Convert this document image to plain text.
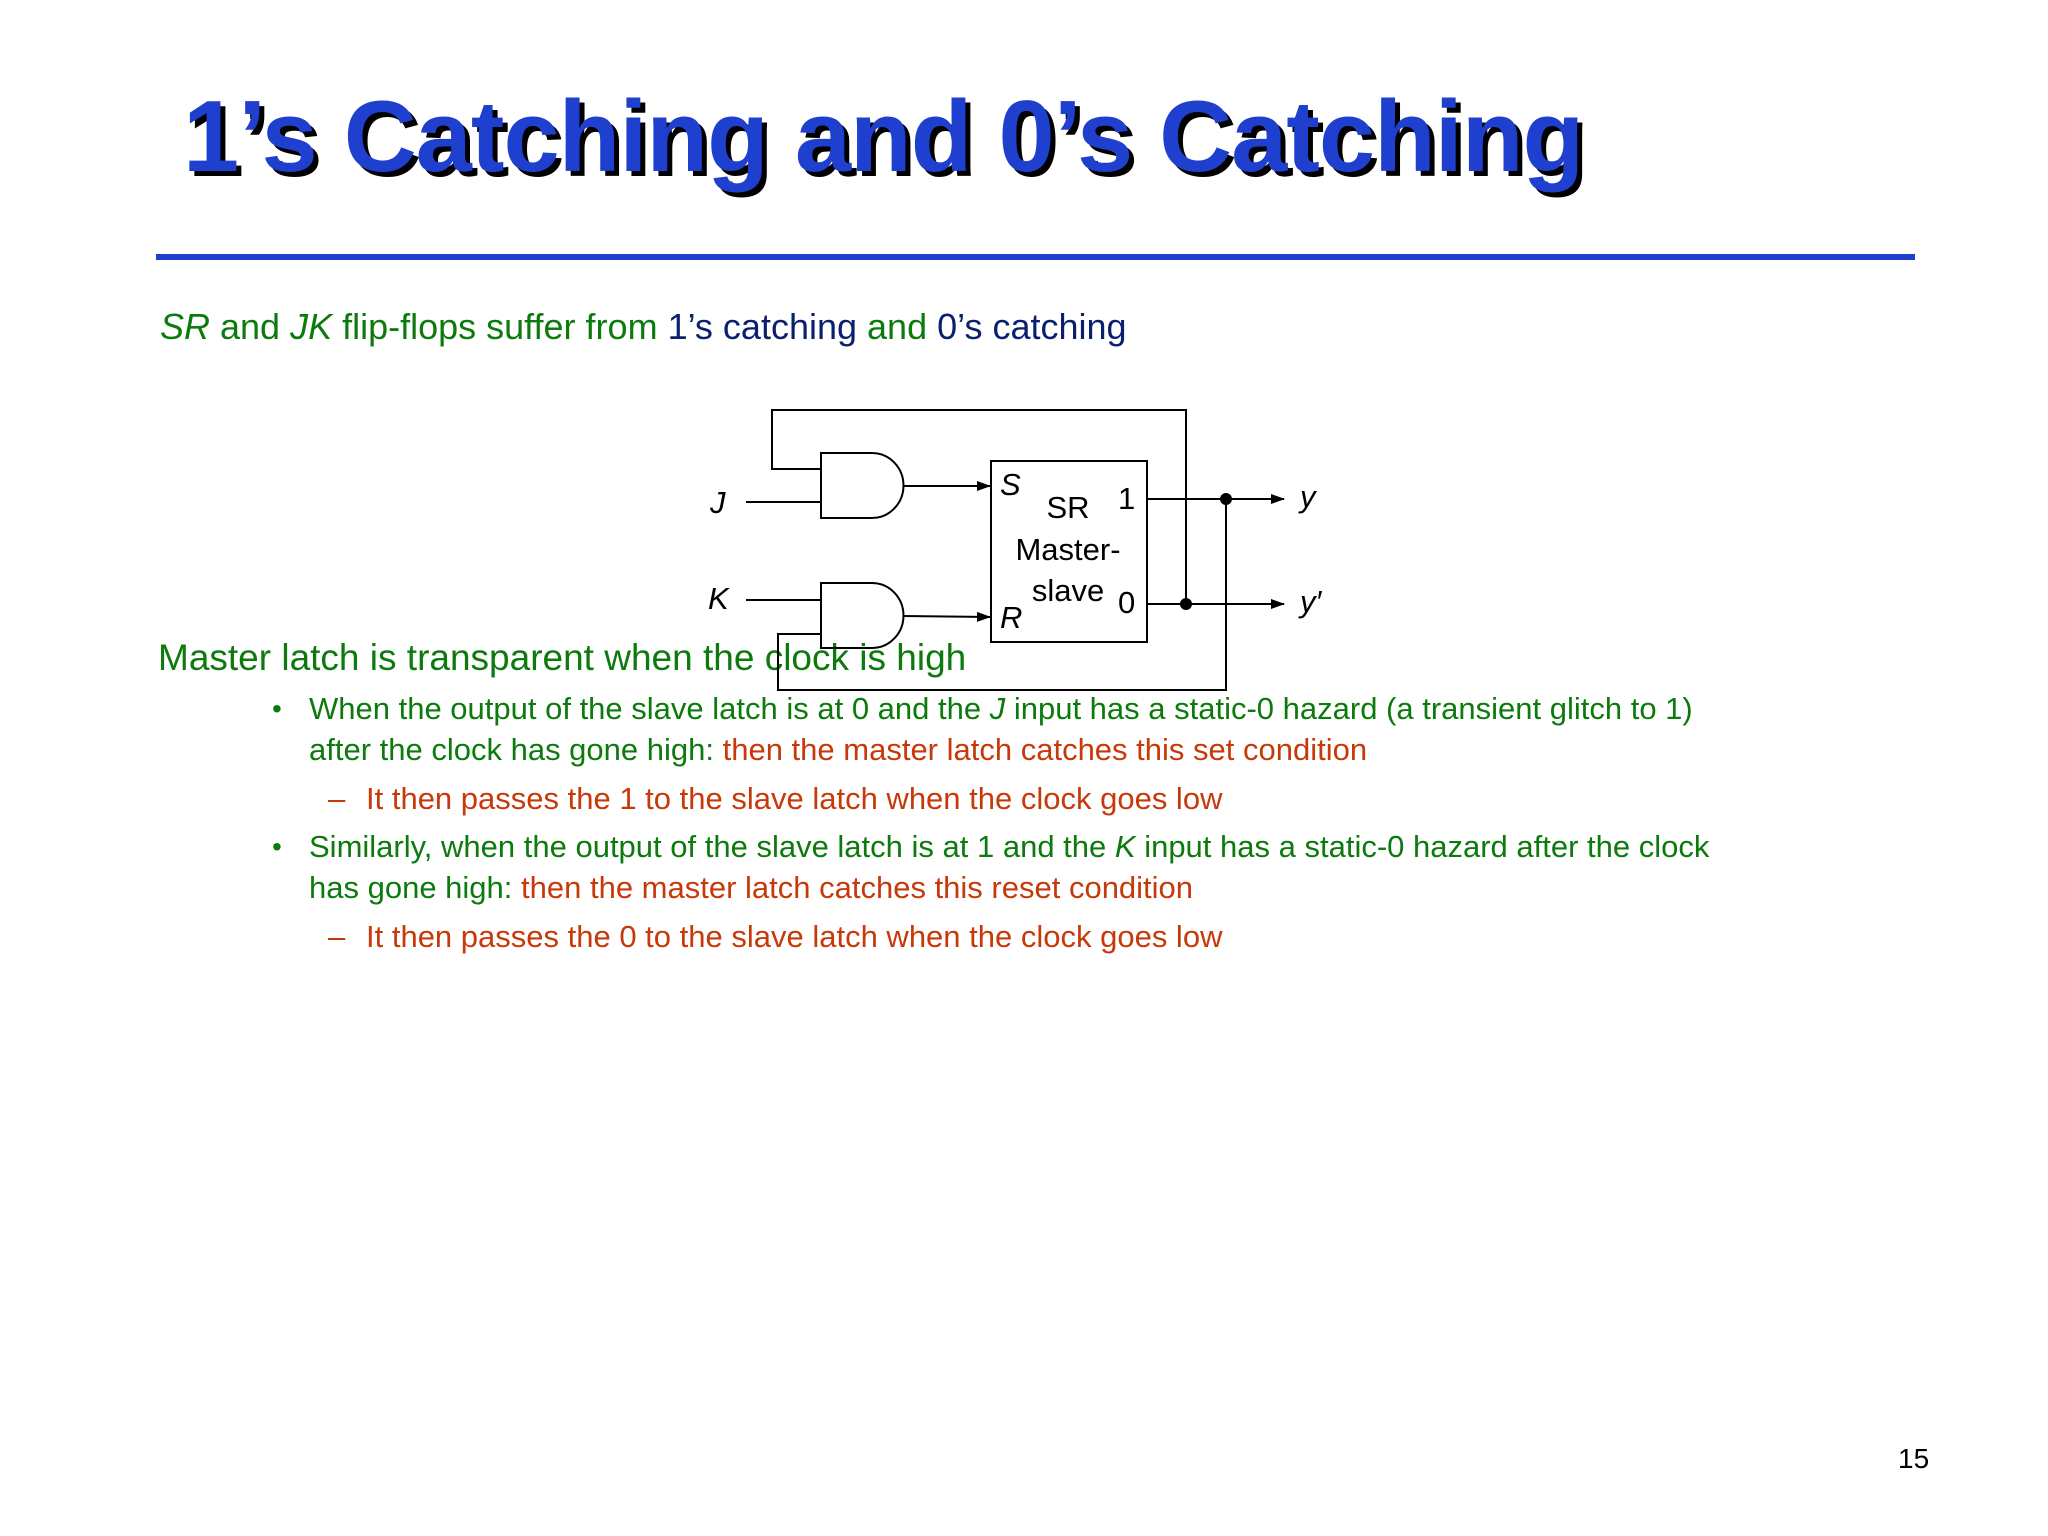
1’s Catching and 0’s Catching
SR and JK flip-flops suffer from 1’s catching and 0’s catching
Master latch is transparent when the clock is high
• When the output of the slave latch is at 0 and the J input has a static-0 hazard (a transient glitch to 1)
after the clock has gone high: then the master latch catches this set condition
– It then passes the 1 to the slave latch when the clock goes low
• Similarly, when the output of the slave latch is at 1 and the K input has a static-0 hazard after the clock
has gone high: then the master latch catches this reset condition
– It then passes the 0 to the slave latch when the clock goes low
J
K
S
R
SR
Master-
slave
1
0
y
y′
15
